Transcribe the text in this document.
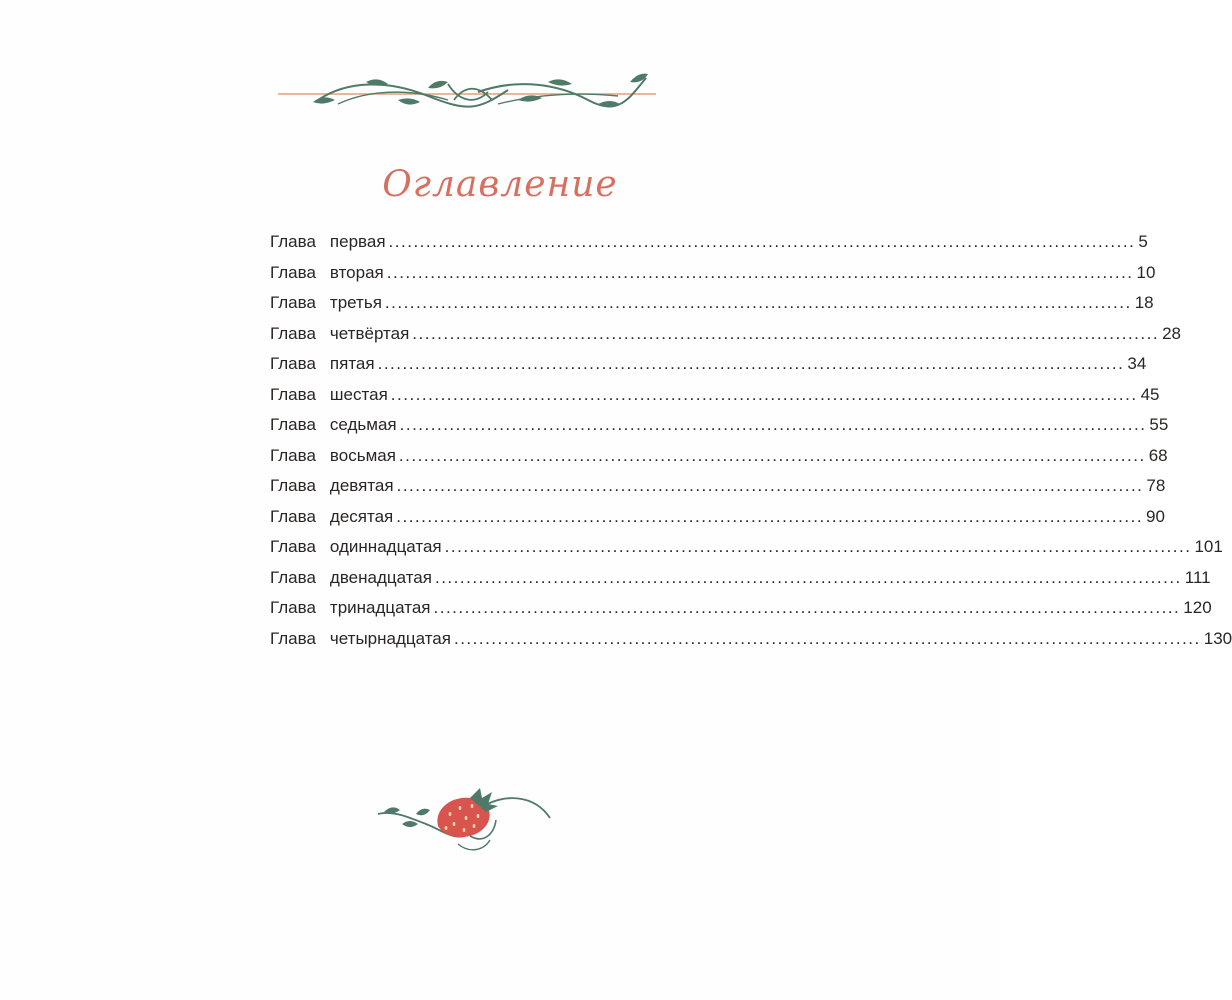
Оглавление
Глава первая ........................................................................................................................ 5
Глава вторая ........................................................................................................................ 10
Глава третья ........................................................................................................................ 18
Глава четвёртая ........................................................................................................................ 28
Глава пятая ........................................................................................................................ 34
Глава шестая ........................................................................................................................ 45
Глава седьмая ........................................................................................................................ 55
Глава восьмая ........................................................................................................................ 68
Глава девятая ........................................................................................................................ 78
Глава десятая ........................................................................................................................ 90
Глава одиннадцатая ........................................................................................................................ 101
Глава двенадцатая ........................................................................................................................ 111
Глава тринадцатая ........................................................................................................................ 120
Глава четырнадцатая ........................................................................................................................ 130
